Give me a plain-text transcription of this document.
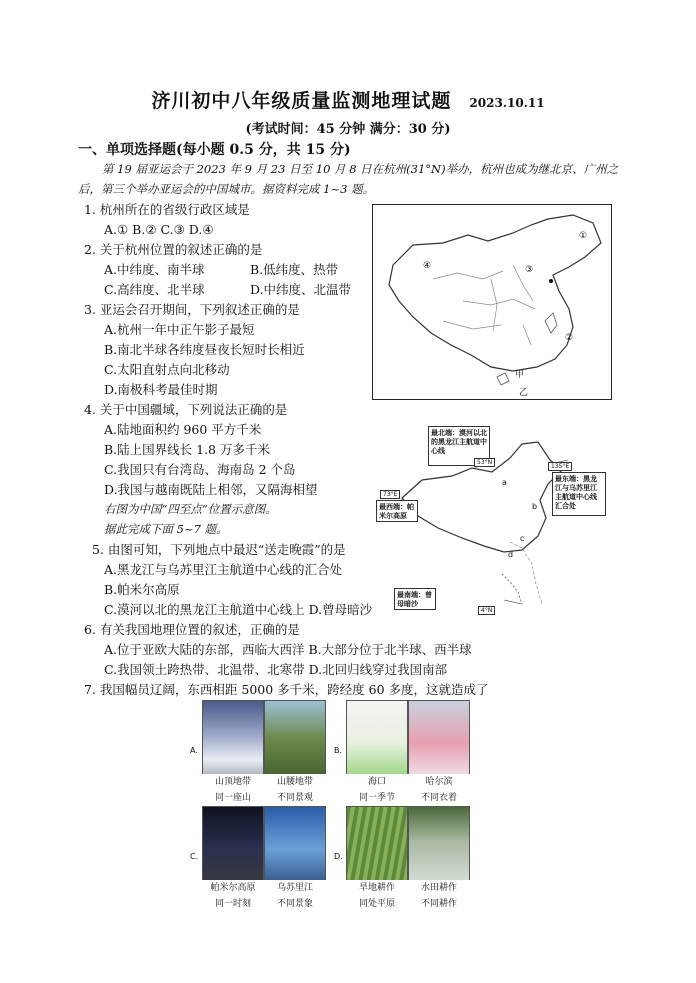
济川初中八年级质量监测地理试题 2023.10.11
(考试时间：45 分钟 满分：30 分)
一、单项选择题(每小题 0.5 分，共 15 分)
第 19 届亚运会于 2023 年 9 月 23 日至 10 月 8 日在杭州(31°N)举办，杭州也成为继北京、广州之后，第三个举办亚运会的中国城市。据资料完成 1~3 题。
1. 杭州所在的省级行政区域是
A.① B.② C.③ D.④
2. 关于杭州位置的叙述正确的是
A.中纬度、南半球	B.低纬度、热带
C.高纬度、北半球	D.中纬度、北温带
3. 亚运会召开期间，下列叙述正确的是
A.杭州一年中正午影子最短
B.南北半球各纬度昼夜长短时长相近
C.太阳直射点向北移动
D.南极科考最佳时期
4. 关于中国疆域，下列说法正确的是
A.陆地面积约 960 平方千米
B.陆上国界线长 1.8 万多千米
C.我国只有台湾岛、海南岛 2 个岛
D.我国与越南既陆上相邻，又隔海相望
右图为中国“四至点”位置示意图。
据此完成下面 5~7 题。
5. 由图可知，下列地点中最迟“送走晚霞”的是
A.黑龙江与乌苏里江主航道中心线的汇合处
B.帕米尔高原
C.漠河以北的黑龙江主航道中心线上 D.曾母暗沙
6. 有关我国地理位置的叙述，正确的是
A.位于亚欧大陆的东部，西临大西洋 B.大部分位于北半球、西半球
C.我国领土跨热带、北温带、北寒带 D.北回归线穿过我国南部
7. 我国幅员辽阔，东西相距 5000 多千米，跨经度 60 多度，这就造成了
①
②
③
④
甲
乙
最北端：漠河以北的黑龙江主航道中心线
最东端：黑龙江与乌苏里江主航道中心线汇合处
最西端：帕米尔高原
最南端：曾母暗沙
53°N
135°E
73°E
4°N
a
b
c
d
A.
山顶地带	山腰地带
同一座山	不同景观
B.
海口	哈尔滨
同一季节	不同衣着
C.
帕米尔高原	乌苏里江
同一时刻	不同景象
D.
旱地耕作	水田耕作
同处平原	不同耕作
